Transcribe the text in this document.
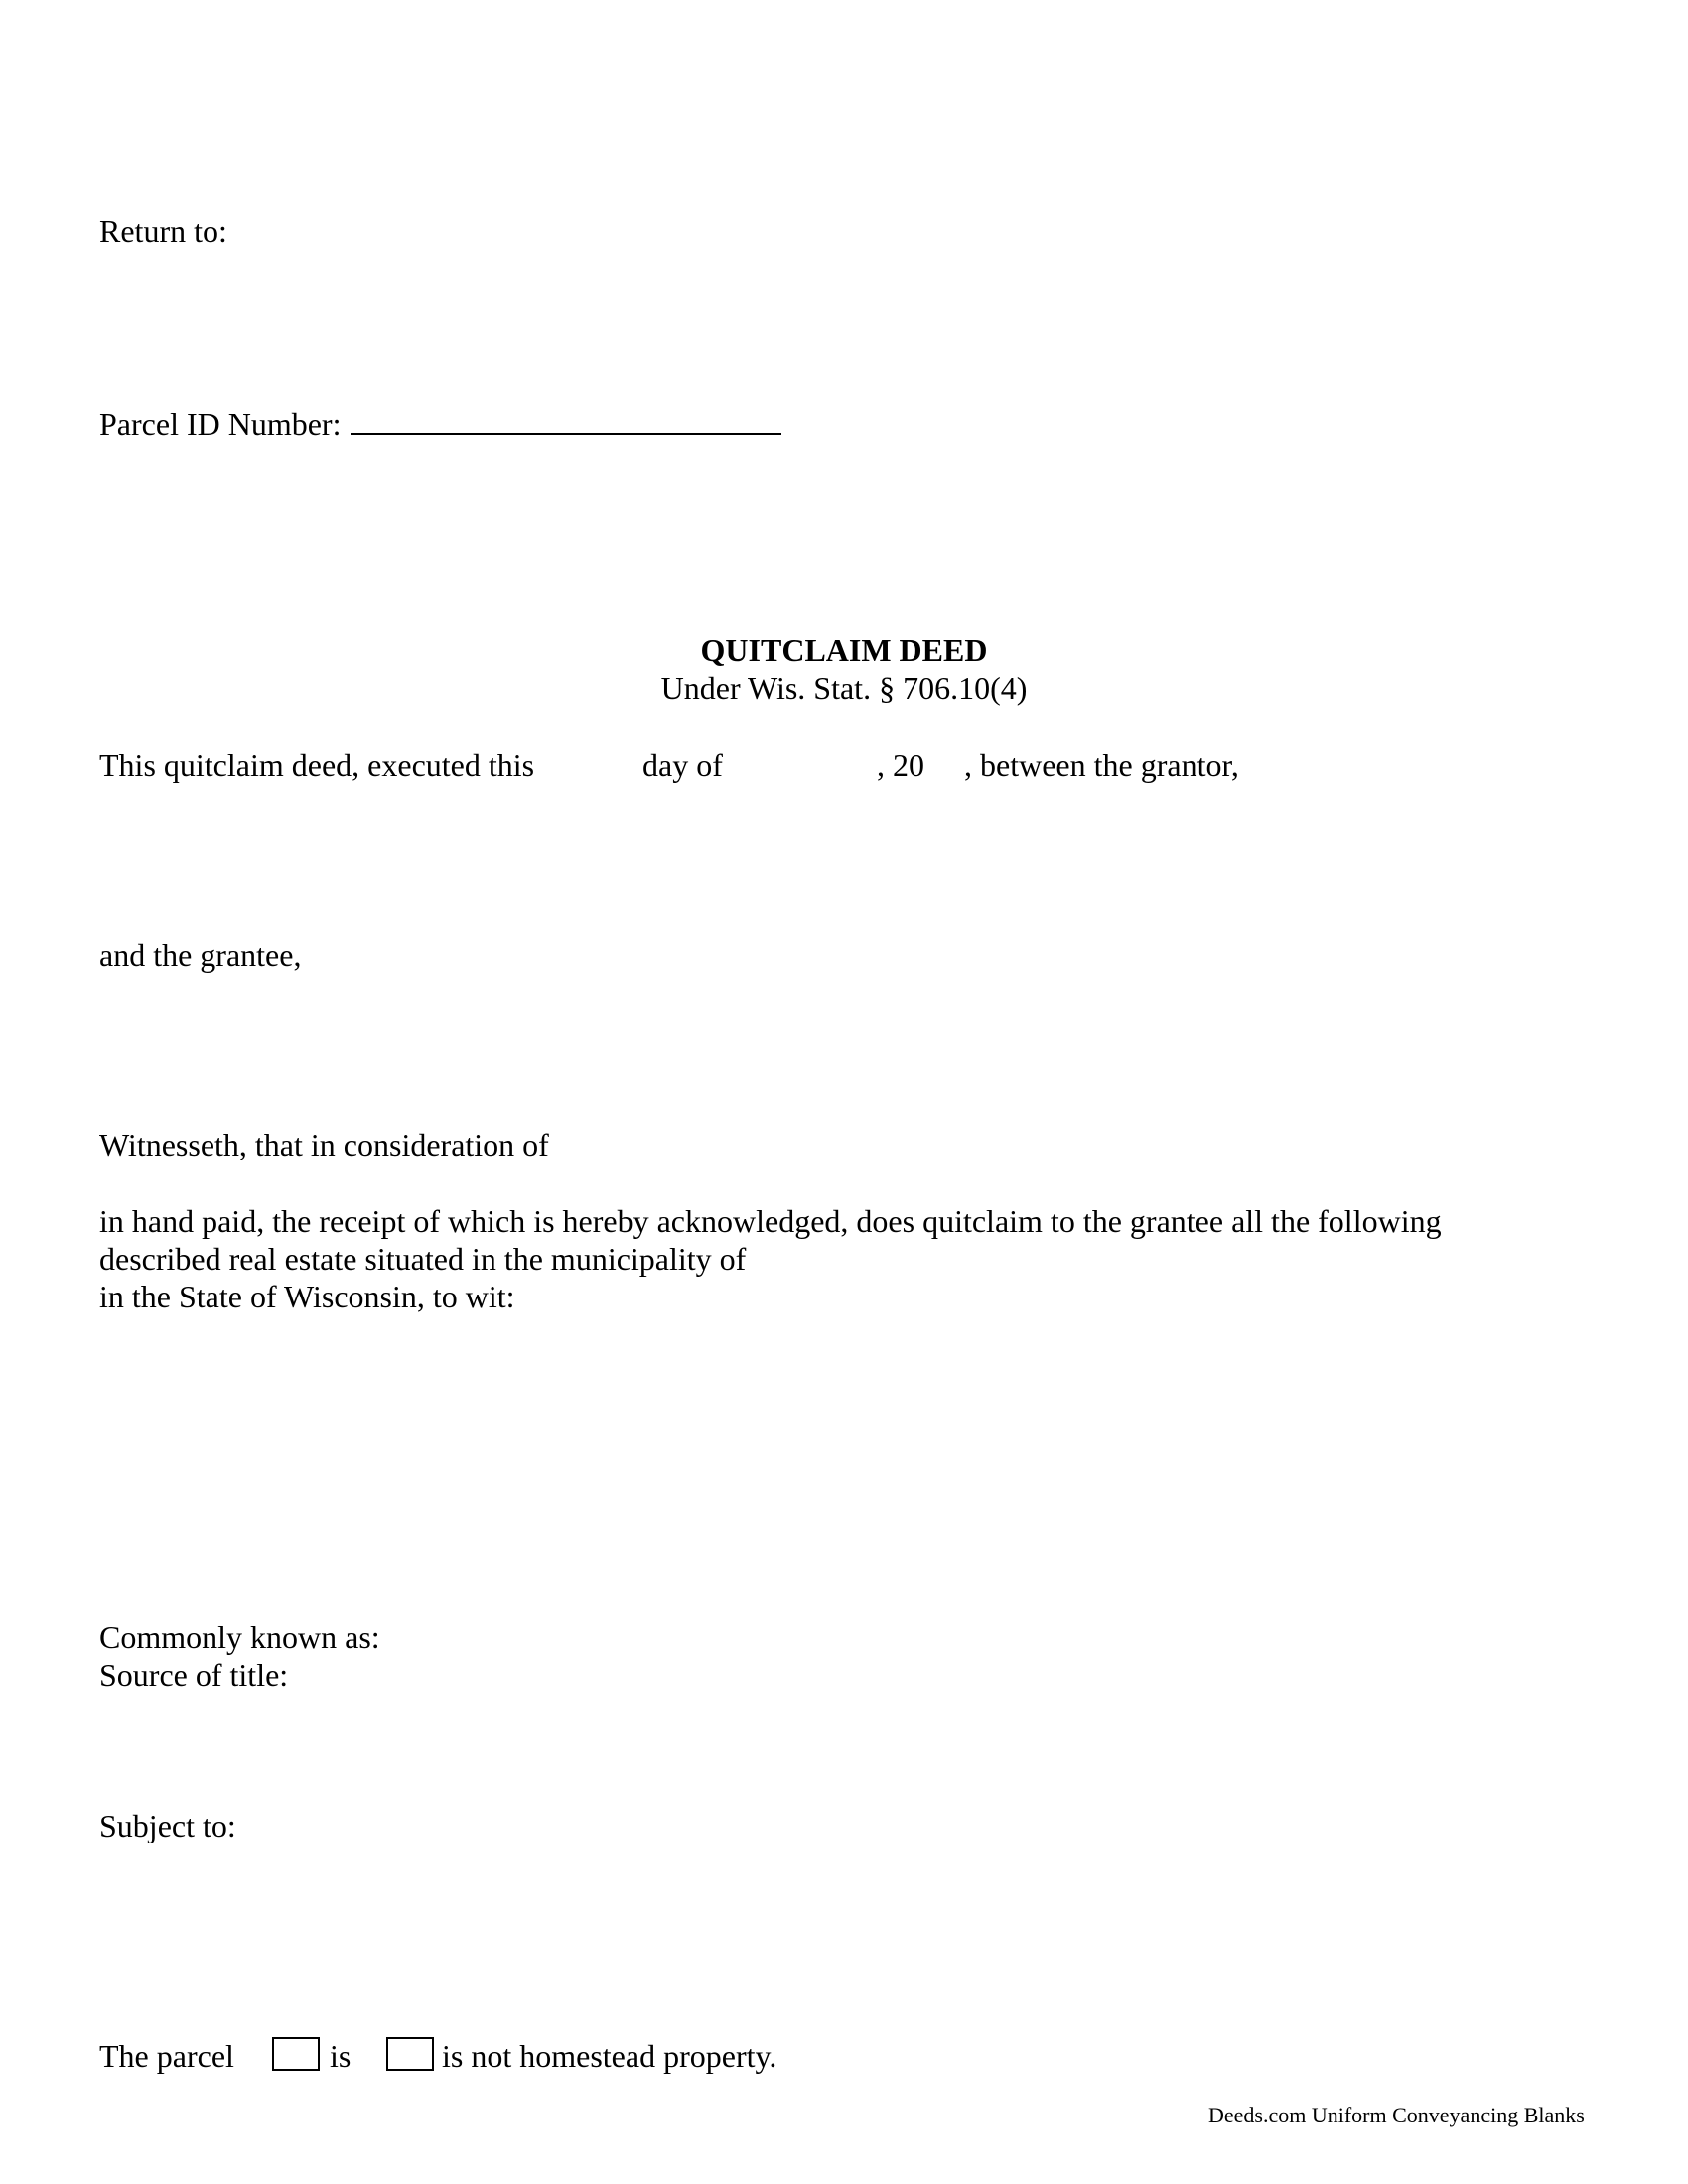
Return to:
Parcel ID Number:
QUITCLAIM DEED
Under Wis. Stat. § 706.10(4)
This quitclaim deed, executed this	day of	, 20 , between the grantor,
and the grantee,
Witnesseth, that in consideration of
in hand paid, the receipt of which is hereby acknowledged, does quitclaim to the grantee all the following
described real estate situated in the municipality of
in the State of Wisconsin, to wit:
Commonly known as:
Source of title:
Subject to:
The parcel	is	is not homestead property.
Deeds.com Uniform Conveyancing Blanks
